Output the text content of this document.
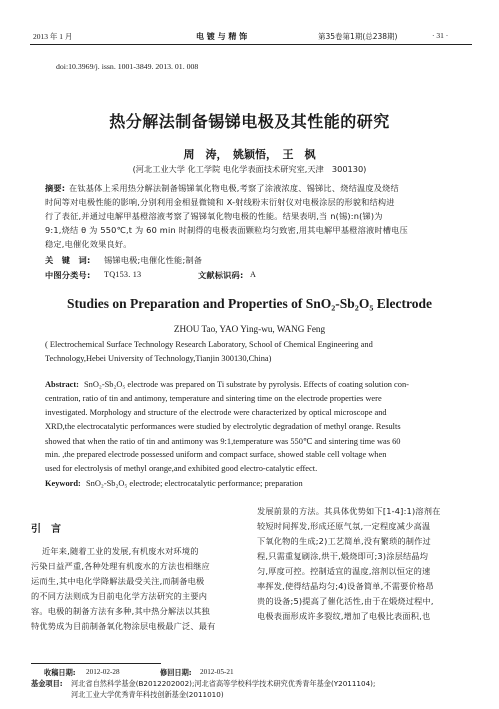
2013 年 1 月	电 镀 与 精 饰	第35卷第1期(总238期)	· 31 ·
doi:10.3969/j. issn. 1001-3849. 2013. 01. 008
热分解法制备锡锑电极及其性能的研究
周　涛，　姚颖悟，　王　枫
(河北工业大学 化工学院 电化学表面技术研究室,天津　300130)
摘要: 在钛基体上采用热分解法制备锡锑氧化物电极,考察了涂液浓度、锡锑比、烧结温度及烧结
时间等对电极性能的影响,分别利用金相显微镜和 X-射线粉末衍射仪对电极涂层的形貌和结构进
行了表征,并通过电解甲基橙溶液考察了锡锑氧化物电极的性能。结果表明,当 n(锡):n(锑)为
9:1,烧结 θ 为 550℃,t 为 60 min 时制得的电极表面颗粒均匀致密,用其电解甲基橙溶液时槽电压
稳定,电催化效果良好。
关　键　词: 锡锑电极;电催化性能;制备
中图分类号: TQ153. 13	文献标识码: A
Studies on Preparation and Properties of SnO₂-Sb₂O₅ Electrode
ZHOU Tao, YAO Ying-wu, WANG Feng
( Electrochemical Surface Technology Research Laboratory, School of Chemical Engineering and
Technology,Hebei University of Technology,Tianjin 300130,China)
Abstract: SnO₂-Sb₂O₅ electrode was prepared on Ti substrate by pyrolysis. Effects of coating solution con-
centration, ratio of tin and antimony, temperature and sintering time on the electrode properties were
investigated. Morphology and structure of the electrode were characterized by optical microscope and
XRD,the electrocatalytic performances were studied by electrolytic degradation of methyl orange. Results
showed that when the ratio of tin and antimony was 9:1,temperature was 550℃ and sintering time was 60
min. ,the prepared electrode possessed uniform and compact surface, showed stable cell voltage when
used for electrolysis of methyl orange,and exhibited good electro-catalytic effect.
Keyword: SnO₂-Sb₂O₅ electrode; electrocatalytic performance; preparation
引　言
近年来,随着工业的发展,有机废水对环境的
污染日益严重,各种处理有机废水的方法也相继应
运而生,其中电化学降解法最受关注,而制备电极
的不同方法则成为目前电化学方法研究的主要内
容。电极的制备方法有多种,其中热分解法以其独
特优势成为目前制备氧化物涂层电极最广泛、最有
发展前景的方法。其具体优势如下[1-4]:1)溶剂在
较短时间挥发,形成还原气氛,一定程度减少高温
下氧化物的生成;2)工艺简单,没有繁琐的制作过
程,只需重复刷涂,烘干,煅烧即可;3)涂层结晶均
匀,厚度可控。控制适宜的温度,溶剂以恒定的速
率挥发,使得结晶均匀;4)设备简单,不需要价格昂
贵的设备;5)提高了催化活性,由于在煅烧过程中,
电极表面形成许多裂纹,增加了电极比表面积,也
收稿日期: 2012-02-28	修回日期: 2012-05-21
基金项目: 河北省自然科学基金(B2012202002);河北省高等学校科学技术研究优秀青年基金(Y2011104);
河北工业大学优秀青年科技创新基金(2011010)
